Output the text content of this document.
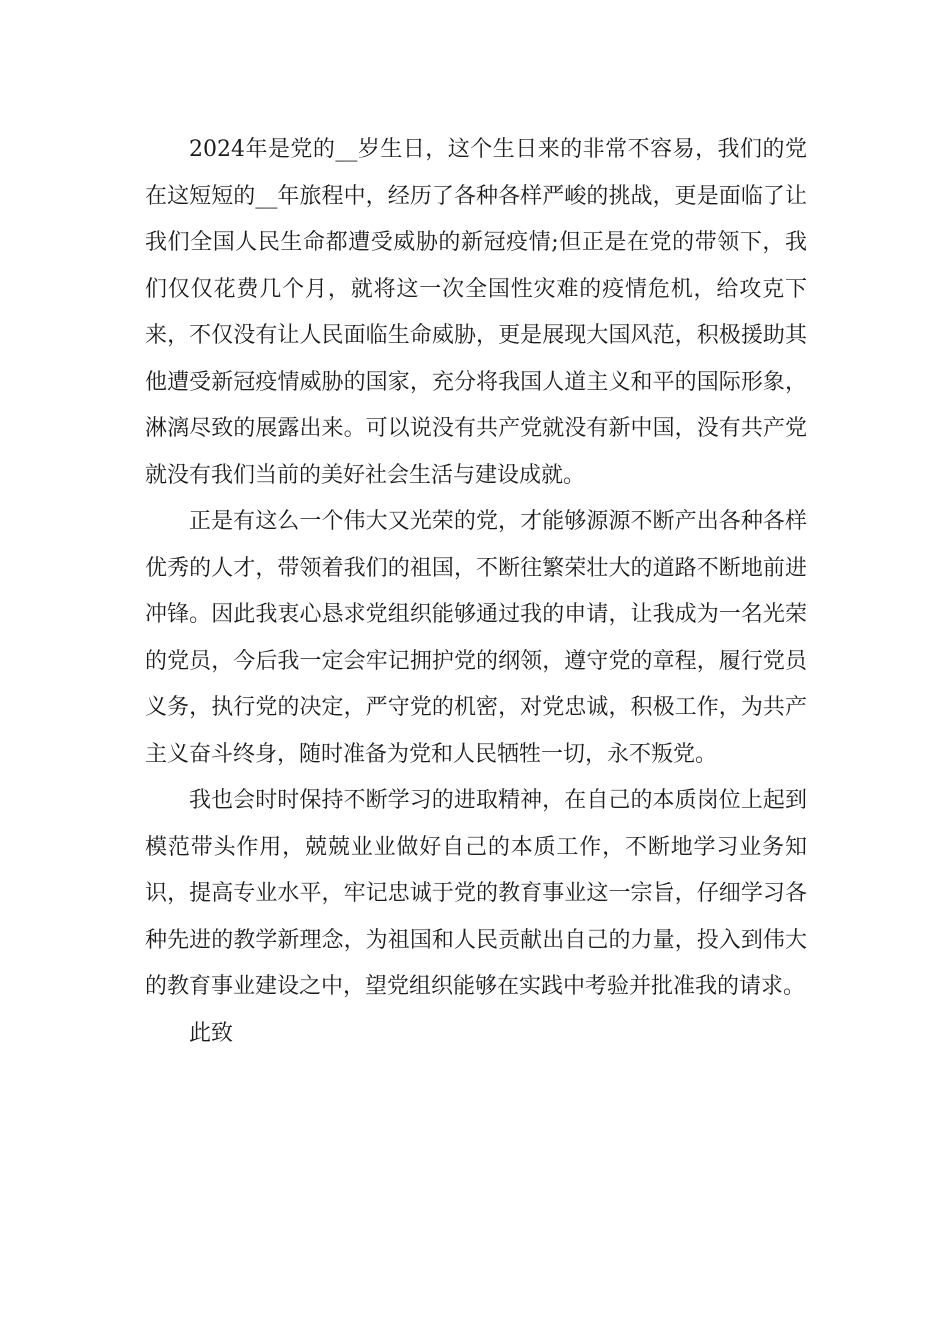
2024年是党的__岁生日，这个生日来的非常不容易，我们的党在这短短的__年旅程中，经历了各种各样严峻的挑战，更是面临了让我们全国人民生命都遭受威胁的新冠疫情;但正是在党的带领下，我们仅仅花费几个月，就将这一次全国性灾难的疫情危机，给攻克下来，不仅没有让人民面临生命威胁，更是展现大国风范，积极援助其他遭受新冠疫情威胁的国家，充分将我国人道主义和平的国际形象，淋漓尽致的展露出来。可以说没有共产党就没有新中国，没有共产党就没有我们当前的美好社会生活与建设成就。

正是有这么一个伟大又光荣的党，才能够源源不断产出各种各样优秀的人才，带领着我们的祖国，不断往繁荣壮大的道路不断地前进冲锋。因此我衷心恳求党组织能够通过我的申请，让我成为一名光荣的党员，今后我一定会牢记拥护党的纲领，遵守党的章程，履行党员义务，执行党的决定，严守党的机密，对党忠诚，积极工作，为共产主义奋斗终身，随时准备为党和人民牺牲一切，永不叛党。

我也会时时保持不断学习的进取精神，在自己的本质岗位上起到模范带头作用，兢兢业业做好自己的本质工作，不断地学习业务知识，提高专业水平，牢记忠诚于党的教育事业这一宗旨，仔细学习各种先进的教学新理念，为祖国和人民贡献出自己的力量，投入到伟大的教育事业建设之中，望党组织能够在实践中考验并批准我的请求。

此致
